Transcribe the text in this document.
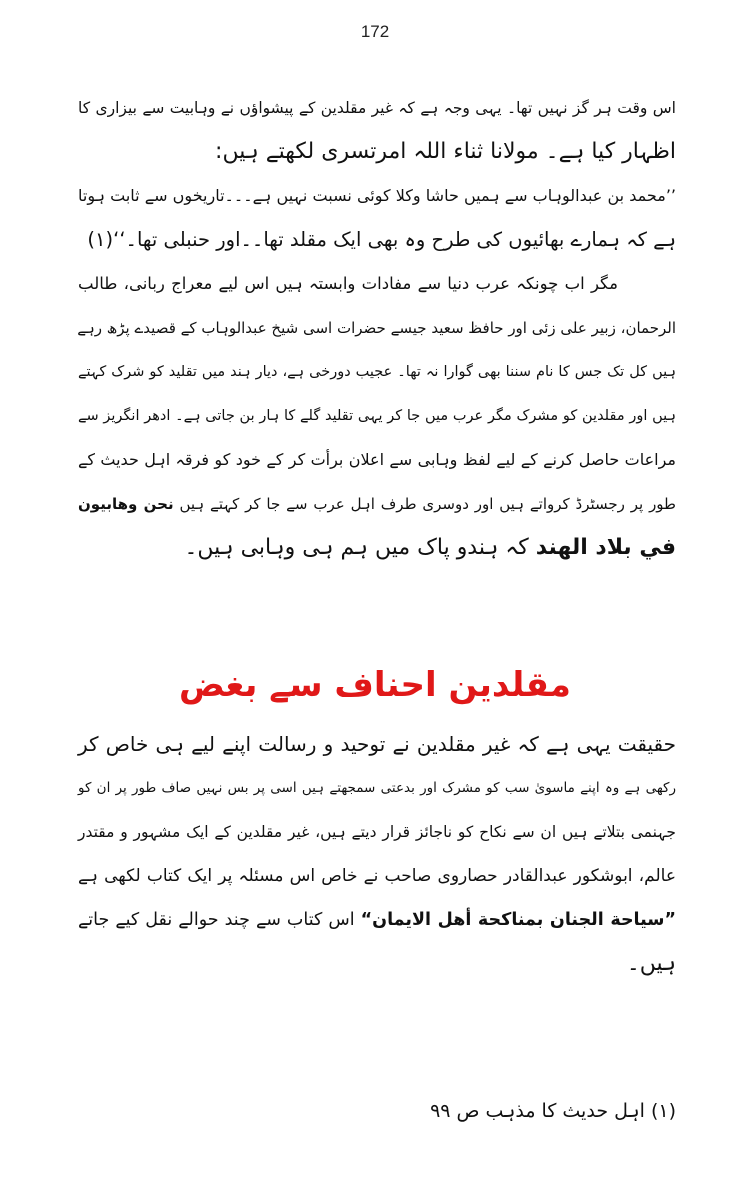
172
اس وقت ہر گز نہیں تھا۔ یہی وجہ ہے کہ غیر مقلدین کے پیشواؤں نے وہابیت سے بیزاری کا
اظہار کیا ہے۔ مولانا ثناء اللہ امرتسری لکھتے ہیں:
’’محمد بن عبدالوہاب سے ہمیں حاشا وکلا کوئی نسبت نہیں ہے۔۔۔تاریخوں سے ثابت ہوتا
ہے کہ ہمارے بھائیوں کی طرح وہ بھی ایک مقلد تھا۔۔اور حنبلی تھا۔‘‘(۱)
مگر اب چونکہ عرب دنیا سے مفادات وابستہ ہیں اس لیے معراج ربانی، طالب
الرحمان، زبیر علی زئی اور حافظ سعید جیسے حضرات اسی شیخ عبدالوہاب کے قصیدے پڑھ رہے
ہیں کل تک جس کا نام سننا بھی گوارا نہ تھا۔ عجیب دورخی ہے، دیار ہند میں تقلید کو شرک کہتے
ہیں اور مقلدین کو مشرک مگر عرب میں جا کر یہی تقلید گلے کا ہار بن جاتی ہے۔ ادھر انگریز سے
مراعات حاصل کرنے کے لیے لفظ وہابی سے اعلان برأت کر کے خود کو فرقہ اہل حدیث کے
طور پر رجسٹرڈ کرواتے ہیں اور دوسری طرف اہل عرب سے جا کر کہتے ہیں نحن وهابيون
في بلاد الهند کہ ہندو پاک میں ہم ہی وہابی ہیں۔
مقلدین احناف سے بغض
حقیقت یہی ہے کہ غیر مقلدین نے توحید و رسالت اپنے لیے ہی خاص کر
رکھی ہے وہ اپنے ماسویٰ سب کو مشرک اور بدعتی سمجھتے ہیں اسی پر بس نہیں صاف طور پر ان کو
جہنمی بتلاتے ہیں ان سے نکاح کو ناجائز قرار دیتے ہیں، غیر مقلدین کے ایک مشہور و مقتدر
عالم، ابوشکور عبدالقادر حصاروی صاحب نے خاص اس مسئلہ پر ایک کتاب لکھی ہے
”سياحة الجنان بمناكحة أهل الايمان“ اس کتاب سے چند حوالے نقل کیے جاتے
ہیں۔
(۱) اہل حدیث کا مذہب ص ۹۹
